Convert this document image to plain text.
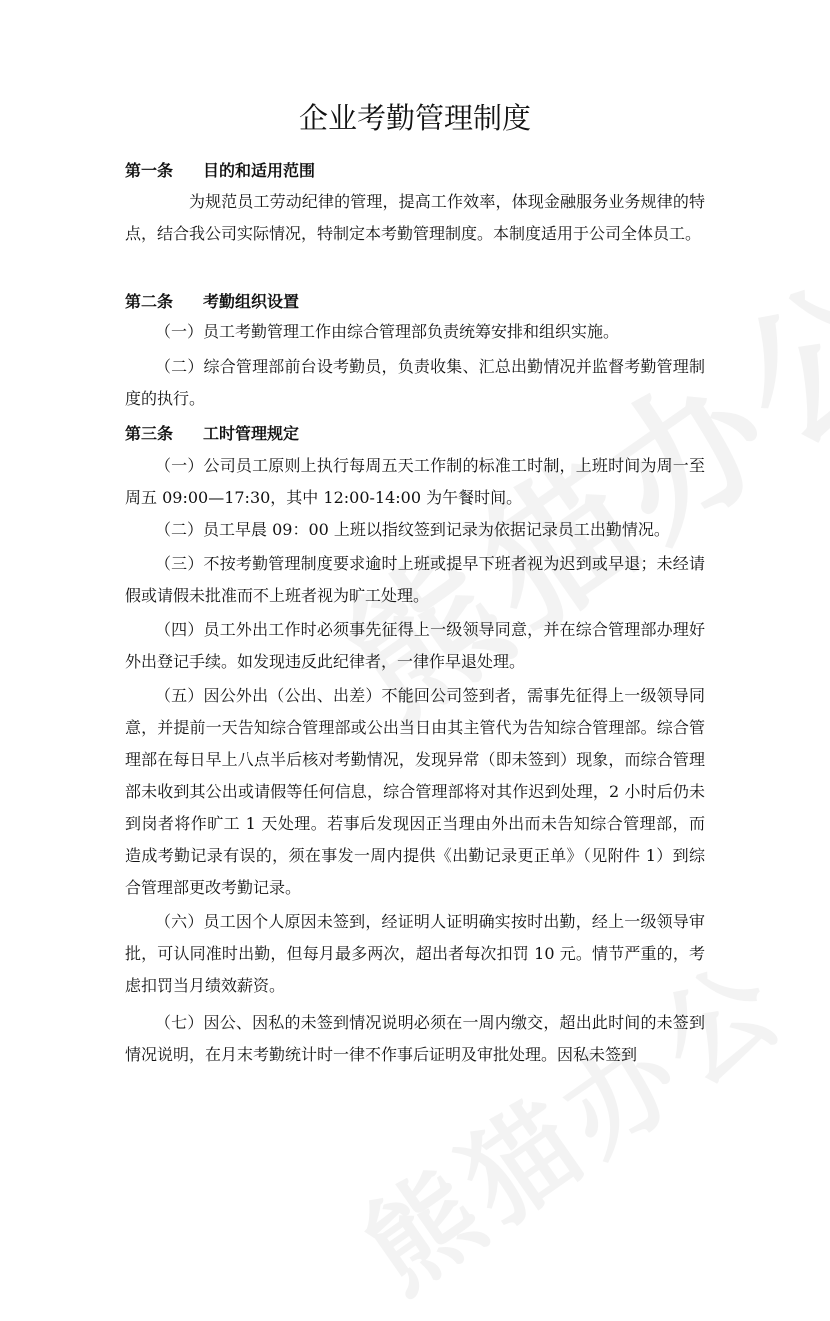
企业考勤管理制度
第一条 目的和适用范围

为规范员工劳动纪律的管理，提高工作效率，体现金融服务业务规律的特点，结合我公司实际情况，特制定本考勤管理制度。本制度适用于公司全体员工。

第二条 考勤组织设置

（一）员工考勤管理工作由综合管理部负责统筹安排和组织实施。

（二）综合管理部前台设考勤员，负责收集、汇总出勤情况并监督考勤管理制度的执行。

第三条 工时管理规定

（一）公司员工原则上执行每周五天工作制的标准工时制，上班时间为周一至周五 09:00—17:30，其中 12:00-14:00 为午餐时间。

（二）员工早晨 09：00 上班以指纹签到记录为依据记录员工出勤情况。

（三）不按考勤管理制度要求逾时上班或提早下班者视为迟到或早退；未经请假或请假未批准而不上班者视为旷工处理。

（四）员工外出工作时必须事先征得上一级领导同意，并在综合管理部办理好外出登记手续。如发现违反此纪律者，一律作早退处理。

（五）因公外出（公出、出差）不能回公司签到者，需事先征得上一级领导同意，并提前一天告知综合管理部或公出当日由其主管代为告知综合管理部。综合管理部在每日早上八点半后核对考勤情况，发现异常（即未签到）现象，而综合管理部未收到其公出或请假等任何信息，综合管理部将对其作迟到处理，2 小时后仍未到岗者将作旷工 1 天处理。若事后发现因正当理由外出而未告知综合管理部，而造成考勤记录有误的，须在事发一周内提供《出勤记录更正单》（见附件 1）到综合管理部更改考勤记录。

（六）员工因个人原因未签到，经证明人证明确实按时出勤，经上一级领导审批，可认同准时出勤，但每月最多两次，超出者每次扣罚 10 元。情节严重的，考虑扣罚当月绩效薪资。

（七）因公、因私的未签到情况说明必须在一周内缴交，超出此时间的未签到情况说明，在月末考勤统计时一律不作事后证明及审批处理。因私未签到
